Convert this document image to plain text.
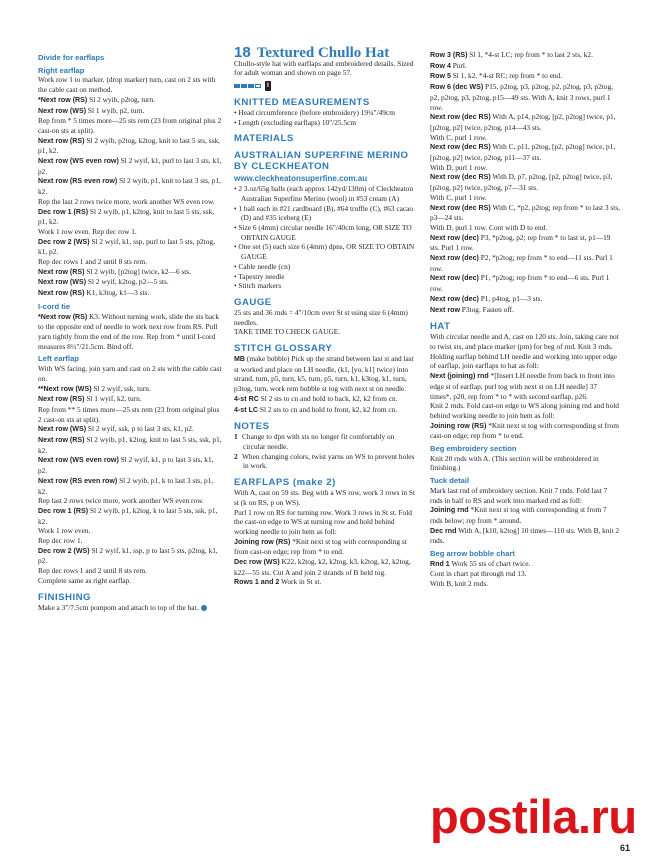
Divide for earflaps
Right earflap

Work row 1 to marker, (drop marker) turn, cast on 2 sts with the cable cast on method.

*Next row (RS) Sl 2 wyib, p2tog, turn.

Next row (WS) Sl 1 wyib, p2, turn.

Rep from * 5 times more—25 sts rem (23 from original plus 2 cast-on sts at split).

Next row (RS) Sl 2 wyib, p2tog, k2tog, knit to last 5 sts, ssk, p1, k2.

Next row (WS even row) Sl 2 wyif, k1, purl to last 3 sts, k1, p2.

Next row (RS even row) Sl 2 wyib, p1, knit to last 3 sts, p1, k2.

Rep the last 2 rows twice more, work another WS even row.

Dec row 1 (RS) Sl 2 wyib, p1, k2tog, knit to last 5 sts, ssk, p1, k2.

Work 1 row even. Rep dec row 1.

Dec row 2 (WS) Sl 2 wyif, k1, ssp, purl to last 5 sts, p2tog, k1, p2.

Rep dec rows 1 and 2 until 8 sts rem.

Next row (RS) Sl 2 wyib, [p2tog] twice, k2—6 sts.

Next row (WS) Sl 2 wyif, k2tog, p2—5 sts.

Next row (RS) K1, k3tog, k1—3 sts.

I-cord tie

*Next row (RS) K3. Without turning work, slide the sts back to the opposite end of needle to work next row from RS. Pull yarn tightly from the end of the row. Rep from * until I-cord measures 8½"/21.5cm. Bind off.

Left earflap

With WS facing, join yarn and cast on 2 sts with the cable cast on.

**Next row (WS) Sl 2 wyif, ssk, turn.

Next row (RS) Sl 1 wyif, k2, turn.

Rep from ** 5 times more—25 sts rem (23 from original plus 2 cast-on sts at split).

Next row (WS) Sl 2 wyif, ssk, p to last 3 sts, k1, p2.

Next row (RS) Sl 2 wyib, p1, k2tog, knit to last 5 sts, ssk, p1, k2.

Next row (WS even row) Sl 2 wyif, k1, p to last 3 sts, k1, p2.

Next row (RS even row) Sl 2 wyib, p1, k to last 3 sts, p1, k2.

Rep last 2 rows twice more, work another WS even row.

Dec row 1 (RS) Sl 2 wyib, p1, k2tog, k to last 5 sts, ssk, p1, k2.

Work 1 row even.

Rep dec row 1.

Dec row 2 (WS) Sl 2 wyif, k1, ssp, p to last 5 sts, p2tog, k1, p2.

Rep dec rows 1 and 2 until 8 sts rem.

Complete same as right earflap.

FINISHING

Make a 3"/7.5cm pompom and attach to top of the hat.

18 Textured Chullo Hat

Chullo-style hat with earflaps and embroidered details. Sized for adult woman and shown on page 57.

I
KNITTED MEASUREMENTS

• Head circumference (before embroidery) 19¼"/49cm

• Length (excluding earflaps) 10"/25.5cm

MATERIALS
AUSTRALIAN SUPERFINE MERINO BY CLECKHEATON
www.cleckheatonsuperfine.com.au

• 2 3.oz/65g balls (each approx 142yd/130m) of Cleckheaton Australian Superfine Merino (wool) in #53 cream (A)

• 1 ball each in #21 cardboard (B), #64 truffle (C), #63 cacao (D) and #35 iceberg (E)

• Size 6 (4mm) circular needle 16"/40cm long, OR SIZE TO OBTAIN GAUGE

• One set (5) each size 6 (4mm) dpns, OR SIZE TO OBTAIN GAUGE

• Cable needle (cn)

• Tapestry needle

• Stitch markers

GAUGE

25 sts and 36 rnds = 4"/10cm over St st using size 6 (4mm) needles.

TAKE TIME TO CHECK GAUGE.

STITCH GLOSSARY

MB (make bobble) Pick up the strand between last st and last st worked and place on LH needle, (k1, [yo, k1] twice) into strand, turn, p5, turn, k5, turn, p5, turn, k1, k3tog, k1, turn, p3tog, turn, work rem bobble st tog with next st on needle.

4-st RC Sl 2 sts to cn and hold to back, k2, k2 from cn.

4-st LC Sl 2 sts to cn and hold to front, k2, k2 from cn.

NOTES

1 Change to dpn with sts no longer fit comfortably on circular needle.

2 When changing colors, twist yarns on WS to prevent holes in work.

EARFLAPS (make 2)

With A, cast on 59 sts. Beg with a WS row, work 3 rows in St st (k on RS, p on WS).

Purl 1 row on RS for turning row. Work 3 rows in St st. Fold the cast-on edge to WS at turning row and hold behind working needle to join hem as foll:

Joining row (RS) *Knit next st tog with corresponding st from cast-on edge; rep from * to end.

Dec row (WS) K22, k2tog, k2, k2tog, k3, k2tog, k2, k2tog, k22—55 sts. Cut A and join 2 strands of B held tog.

Rows 1 and 2 Work in St st.

Row 3 (RS) Sl 1, *4-st LC; rep from * to last 2 sts, k2.

Row 4 Purl.

Row 5 Sl 1, k2, *4-st RC; rep from * to end.

Row 6 (dec WS) P15, p2tog, p3, p2tog, p2, p2tog, p3, p2tog, p2, p2tog, p3, p2tog, p15—49 sts. With A, knit 3 rows, purl 1 row.

Next row (dec RS) With A, p14, p2tog, [p2, p2tog] twice, p1, [p2tog, p2] twice, p2tog, p14—43 sts.

With C, purl 1 row.

Next row (dec RS) With C, p11, p2tog, [p2, p2tog] twice, p1, [p2tog, p2] twice, p2tog, p11—37 sts.

With D, purl 1 row.

Next row (dec RS) With D, p7, p2tog, [p2, p2tog] twice, p3, [p2tog, p2] twice, p2tog, p7—31 sts.

With C, purl 1 row.

Next row (dec RS) With C, *p2, p2tog; rep from * to last 3 sts, p3—24 sts.

With D, purl 1 row. Cont with D to end.

Next row (dec) P3, *p2tog, p2; rep from * to last st, p1—19 sts. Purl 1 row.

Next row (dec) P2, *p2tog; rep from * to end—11 sts. Purl 1 row.

Next row (dec) P1, *p2tog; rep from * to end—6 sts. Purl 1 row.

Next row (dec) P1, p4tog, p1—3 sts.

Next row P3tog. Fasten off.

HAT

With circular needle and A, cast on 120 sts. Join, taking care not to twist sts, and place marker (pm) for beg of rnd. Knit 3 rnds. Holding earflap behind LH needle and working into upper edge of earflap, join earflaps to hat as foll:

Next (joining) rnd *[Insert LH needle from back to front into edge st of earflap, purl tog with next st on LH needle] 37 times*, p20, rep from * to * with second earflap, p26.

Knit 2 rnds. Fold cast-on edge to WS along joining rnd and hold behind working needle to join hem as foll:

Joining row (RS) *Knit next st tog with corresponding st from cast-on edge; rep from * to end.

Beg embroidery section

Knit 20 rnds with A. (This section will be embroidered in finishing.)

Tuck detail

Mark last rnd of embroidery section. Knit 7 rnds. Fold last 7 rnds in half to RS and work into marked rnd as foll:

Joining rnd *Knit next st tog with corresponding st from 7 rnds below; rep from * around.

Dec rnd With A, [k10, k2tog] 10 times—110 sts. With B, knit 2 rnds.

Beg arrow bobble chart

Rnd 1 Work 55 sts of chart twice.

Cont in chart pat through rnd 13.

With B, knit 2 rnds.

postila.ru
61
